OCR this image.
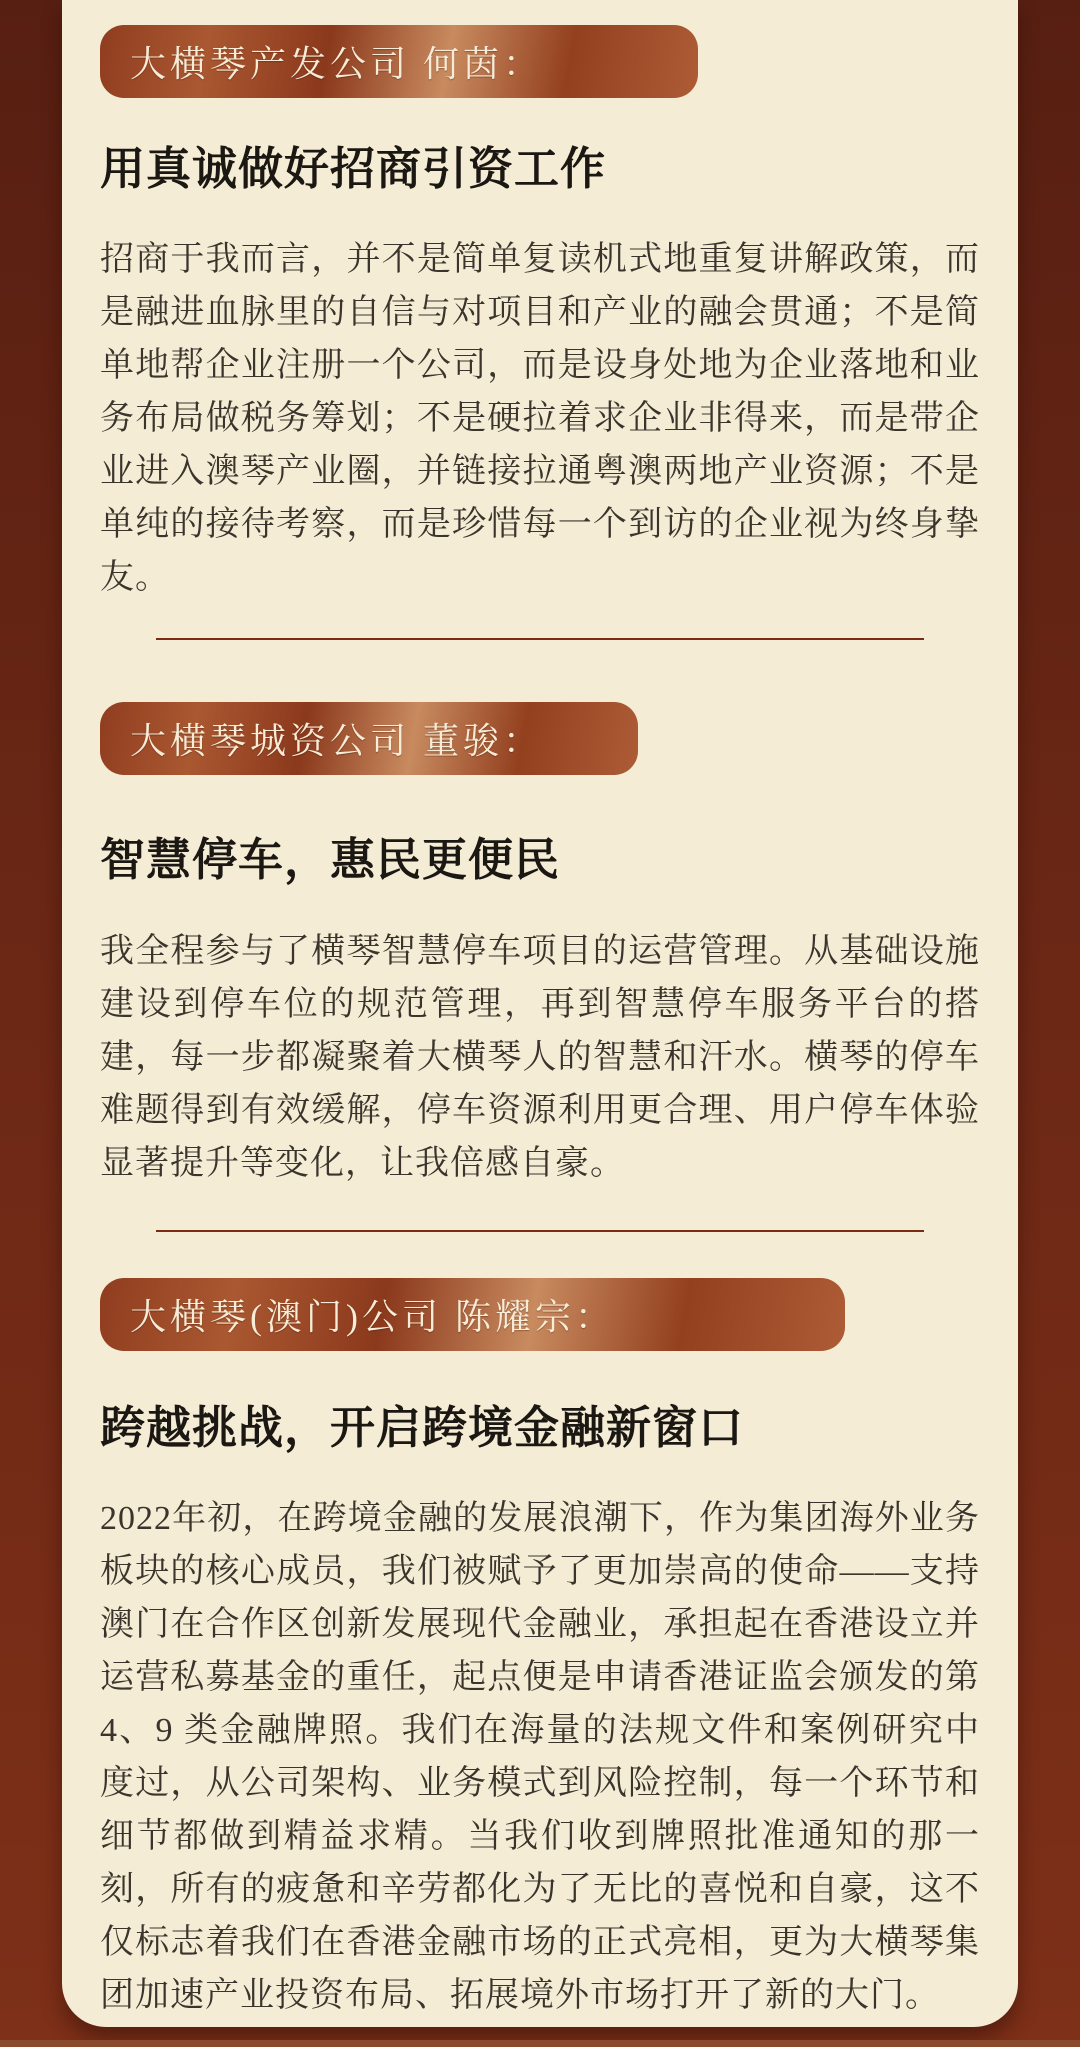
大横琴产发公司 何茵：
用真诚做好招商引资工作

招商于我而言，并不是简单复读机式地重复讲解政策，而是融进血脉里的自信与对项目和产业的融会贯通；不是简单地帮企业注册一个公司，而是设身处地为企业落地和业务布局做税务筹划；不是硬拉着求企业非得来，而是带企业进入澳琴产业圈，并链接拉通粤澳两地产业资源；不是单纯的接待考察，而是珍惜每一个到访的企业视为终身挚友。

大横琴城资公司 董骏：
智慧停车，惠民更便民

我全程参与了横琴智慧停车项目的运营管理。从基础设施建设到停车位的规范管理，再到智慧停车服务平台的搭建，每一步都凝聚着大横琴人的智慧和汗水。横琴的停车难题得到有效缓解，停车资源利用更合理、用户停车体验显著提升等变化，让我倍感自豪。

大横琴(澳门)公司 陈耀宗：
跨越挑战，开启跨境金融新窗口

2022年初，在跨境金融的发展浪潮下，作为集团海外业务板块的核心成员，我们被赋予了更加崇高的使命——支持澳门在合作区创新发展现代金融业，承担起在香港设立并运营私募基金的重任，起点便是申请香港证监会颁发的第 4、9 类金融牌照。我们在海量的法规文件和案例研究中度过，从公司架构、业务模式到风险控制，每一个环节和细节都做到精益求精。当我们收到牌照批准通知的那一刻，所有的疲惫和辛劳都化为了无比的喜悦和自豪，这不仅标志着我们在香港金融市场的正式亮相，更为大横琴集团加速产业投资布局、拓展境外市场打开了新的大门。
